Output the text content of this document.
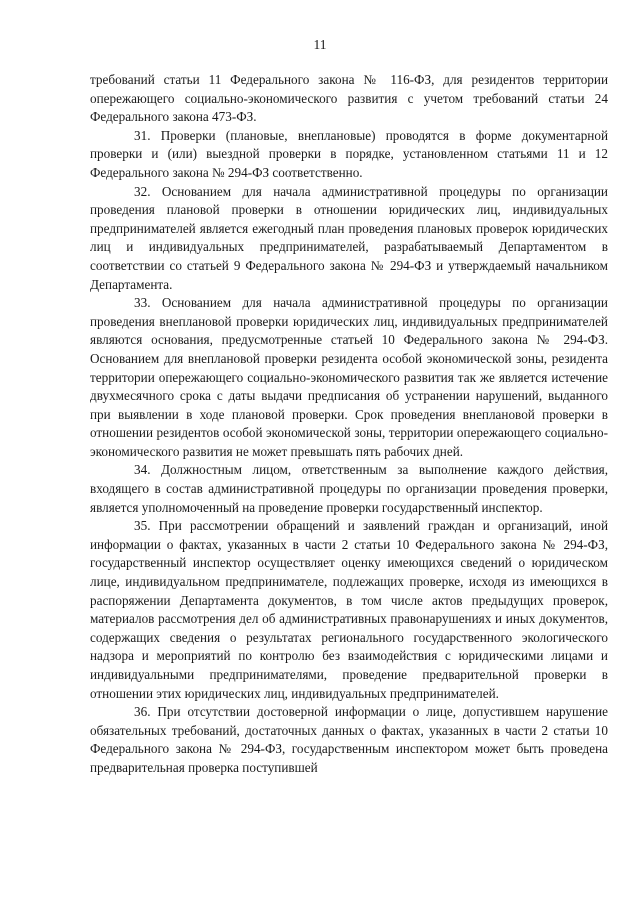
11

требований статьи 11 Федерального закона № 116-ФЗ, для резидентов территории опережающего социально-экономического развития с учетом требований статьи 24 Федерального закона 473-ФЗ.

31. Проверки (плановые, внеплановые) проводятся в форме документарной проверки и (или) выездной проверки в порядке, установленном статьями 11 и 12 Федерального закона № 294-ФЗ соответственно.

32. Основанием для начала административной процедуры по организации проведения плановой проверки в отношении юридических лиц, индивидуальных предпринимателей является ежегодный план проведения плановых проверок юридических лиц и индивидуальных предпринимателей, разрабатываемый Департаментом в соответствии со статьей 9 Федерального закона № 294-ФЗ и утверждаемый начальником Департамента.

33. Основанием для начала административной процедуры по организации проведения внеплановой проверки юридических лиц, индивидуальных предпринимателей являются основания, предусмотренные статьей 10 Федерального закона № 294-ФЗ. Основанием для внеплановой проверки резидента особой экономической зоны, резидента территории опережающего социально-экономического развития так же является истечение двухмесячного срока с даты выдачи предписания об устранении нарушений, выданного при выявлении в ходе плановой проверки. Срок проведения внеплановой проверки в отношении резидентов особой экономической зоны, территории опережающего социально-экономического развития не может превышать пять рабочих дней.

34. Должностным лицом, ответственным за выполнение каждого действия, входящего в состав административной процедуры по организации проведения проверки, является уполномоченный на проведение проверки государственный инспектор.

35. При рассмотрении обращений и заявлений граждан и организаций, иной информации о фактах, указанных в части 2 статьи 10 Федерального закона № 294-ФЗ, государственный инспектор осуществляет оценку имеющихся сведений о юридическом лице, индивидуальном предпринимателе, подлежащих проверке, исходя из имеющихся в распоряжении Департамента документов, в том числе актов предыдущих проверок, материалов рассмотрения дел об административных правонарушениях и иных документов, содержащих сведения о результатах регионального государственного экологического надзора и мероприятий по контролю без взаимодействия с юридическими лицами и индивидуальными предпринимателями, проведение предварительной проверки в отношении этих юридических лиц, индивидуальных предпринимателей.

36. При отсутствии достоверной информации о лице, допустившем нарушение обязательных требований, достаточных данных о фактах, указанных в части 2 статьи 10 Федерального закона № 294-ФЗ, государственным инспектором может быть проведена предварительная проверка поступившей
